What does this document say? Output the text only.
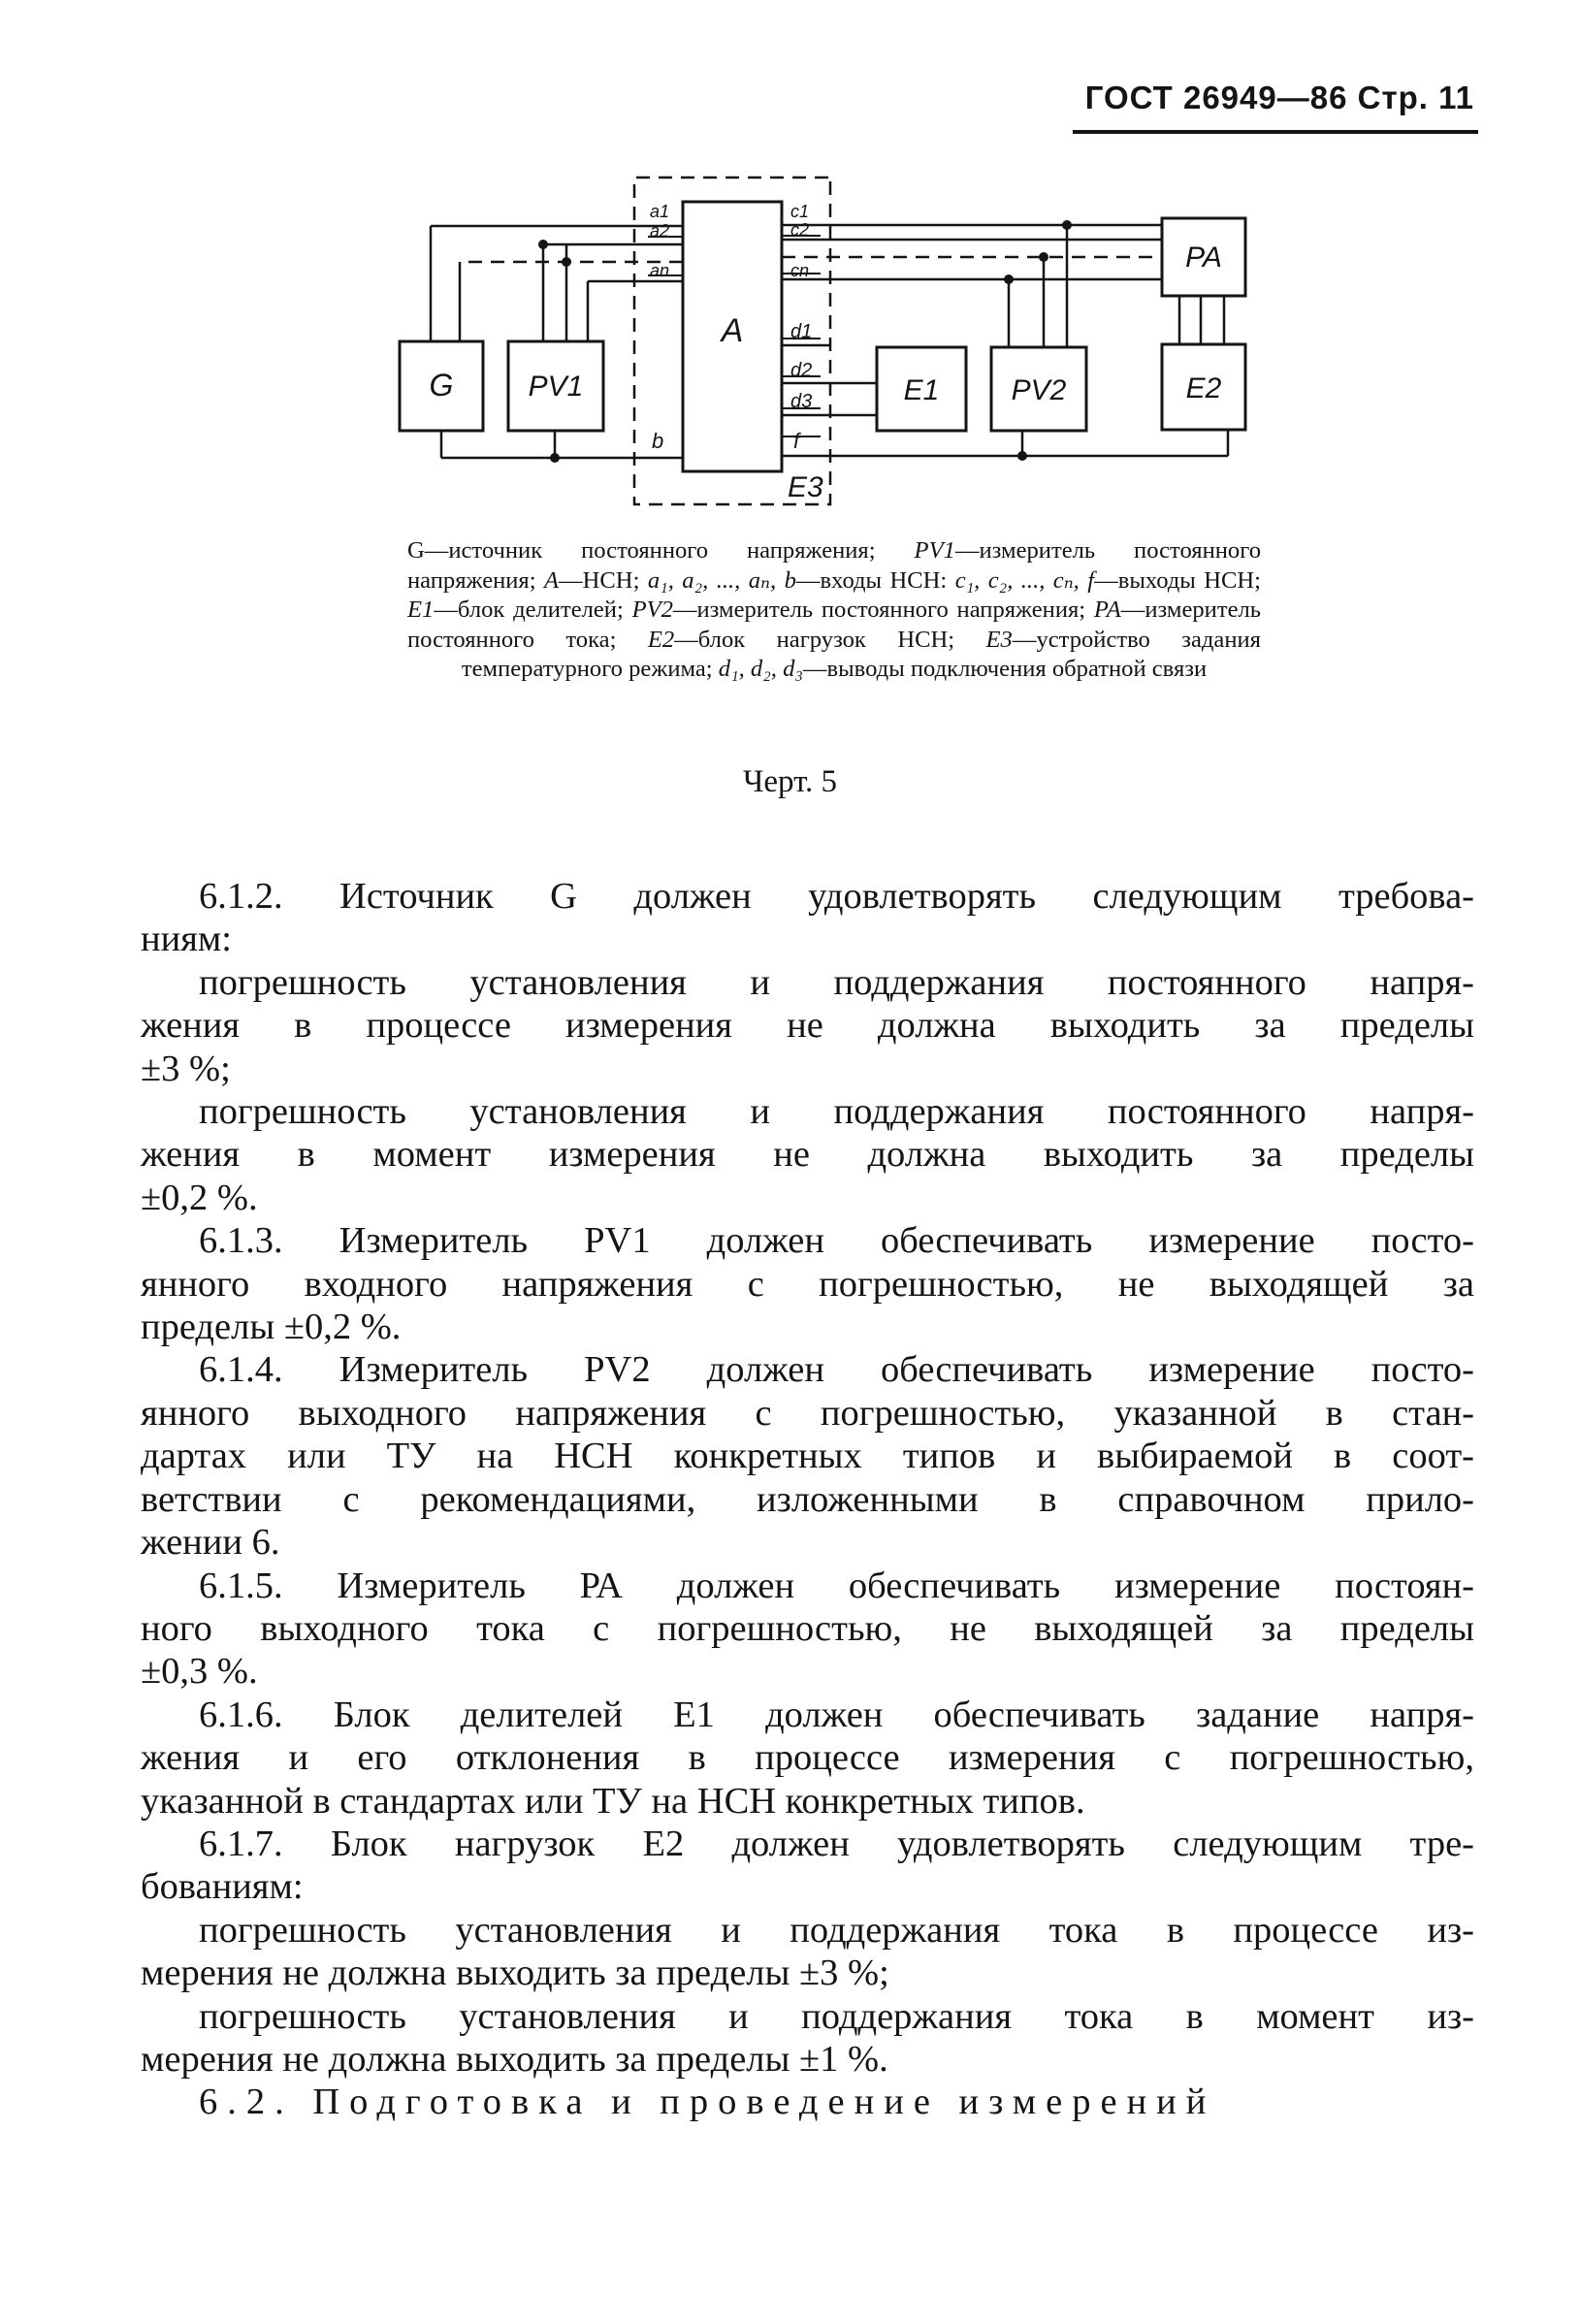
ГОСТ 26949—86 Стр. 11
G	PV1
A
E1 PV2
PA
E2
E3
a1
a2
an
b
c1
c2
cn
d1
d2
d3
f
G—источник постоянного напряжения; PV1—измеритель постоянного напряжения; А—НСН; a₁, a₂, ..., aₙ, b—входы НСН: c₁, c₂, ..., cₙ, f—выходы НСН; Е1—блок делителей; PV2—измеритель постоянного напряжения; РА—измеритель постоянного тока; Е2—блок нагрузок НСН; Е3—устройство задания температурного режима; d₁, d₂, d₃—выводы подключения обратной связи
Черт. 5

6.1.2. Источник G должен удовлетворять следующим требова-

ниям:

погрешность установления и поддержания постоянного напря-

жения в процессе измерения не должна выходить за пределы

±3 %;

погрешность установления и поддержания постоянного напря-

жения в момент измерения не должна выходить за пределы

±0,2 %.

6.1.3. Измеритель PV1 должен обеспечивать измерение посто-

янного входного напряжения с погрешностью, не выходящей за

пределы ±0,2 %.

6.1.4. Измеритель PV2 должен обеспечивать измерение посто-

янного выходного напряжения с погрешностью, указанной в стан-

дартах или ТУ на НСН конкретных типов и выбираемой в соот-

ветствии с рекомендациями, изложенными в справочном прило-

жении 6.

6.1.5. Измеритель РА должен обеспечивать измерение постоян-

ного выходного тока с погрешностью, не выходящей за пределы

±0,3 %.

6.1.6. Блок делителей Е1 должен обеспечивать задание напря-

жения и его отклонения в процессе измерения с погрешностью,

указанной в стандартах или ТУ на НСН конкретных типов.

6.1.7. Блок нагрузок Е2 должен удовлетворять следующим тре-

бованиям:

погрешность установления и поддержания тока в процессе из-

мерения не должна выходить за пределы ±3 %;

погрешность установления и поддержания тока в момент из-

мерения не должна выходить за пределы ±1 %.

6.2. Подготовка и проведение измерений
